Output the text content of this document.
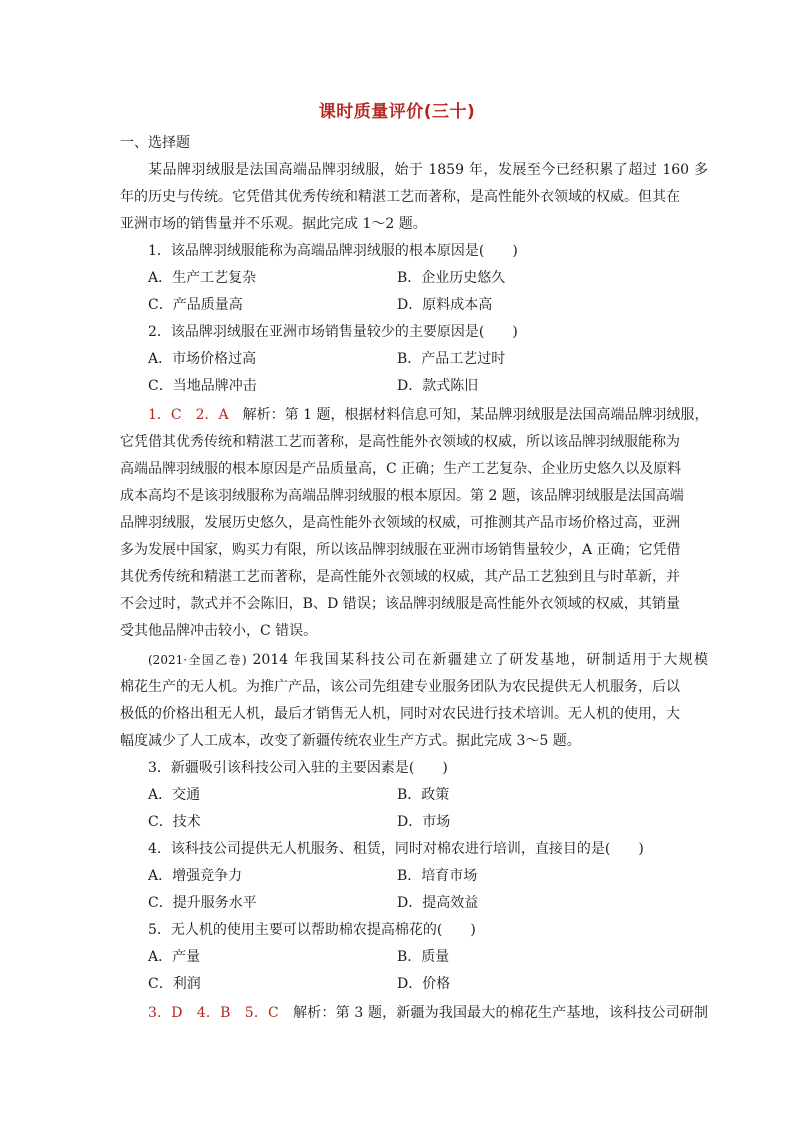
课时质量评价(三十)
一、选择题
某品牌羽绒服是法国高端品牌羽绒服，始于 1859 年，发展至今已经积累了超过 160 多
年的历史与传统。它凭借其优秀传统和精湛工艺而著称，是高性能外衣领域的权威。但其在
亚洲市场的销售量并不乐观。据此完成 1～2 题。
1．该品牌羽绒服能称为高端品牌羽绒服的根本原因是(　　)
A．生产工艺复杂	B．企业历史悠久
C．产品质量高	D．原料成本高
2．该品牌羽绒服在亚洲市场销售量较少的主要原因是(　　)
A．市场价格过高	B．产品工艺过时
C．当地品牌冲击	D．款式陈旧
1．C　2．A　 解析：第 1 题，根据材料信息可知，某品牌羽绒服是法国高端品牌羽绒服，
它凭借其优秀传统和精湛工艺而著称，是高性能外衣领域的权威，所以该品牌羽绒服能称为
高端品牌羽绒服的根本原因是产品质量高，C 正确；生产工艺复杂、企业历史悠久以及原料
成本高均不是该羽绒服称为高端品牌羽绒服的根本原因。第 2 题，该品牌羽绒服是法国高端
品牌羽绒服，发展历史悠久，是高性能外衣领域的权威，可推测其产品市场价格过高，亚洲
多为发展中国家，购买力有限，所以该品牌羽绒服在亚洲市场销售量较少，A 正确；它凭借
其优秀传统和精湛工艺而著称，是高性能外衣领域的权威，其产品工艺独到且与时革新，并
不会过时，款式并不会陈旧，B、D 错误；该品牌羽绒服是高性能外衣领域的权威，其销量
受其他品牌冲击较小，C 错误。
(2021·全国乙卷) 2014 年我国某科技公司在新疆建立了研发基地，研制适用于大规模
棉花生产的无人机。为推广产品，该公司先组建专业服务团队为农民提供无人机服务，后以
极低的价格出租无人机，最后才销售无人机，同时对农民进行技术培训。无人机的使用，大
幅度减少了人工成本，改变了新疆传统农业生产方式。据此完成 3～5 题。
3．新疆吸引该科技公司入驻的主要因素是(　　)
A．交通	B．政策
C．技术	D．市场
4．该科技公司提供无人机服务、租赁，同时对棉农进行培训，直接目的是(　　)
A．增强竞争力	B．培育市场
C．提升服务水平	D．提高效益
5．无人机的使用主要可以帮助棉农提高棉花的(　　)
A．产量	B．质量
C．利润	D．价格
3．D　4．B　5．C　 解析：第 3 题，新疆为我国最大的棉花生产基地，该科技公司研制
